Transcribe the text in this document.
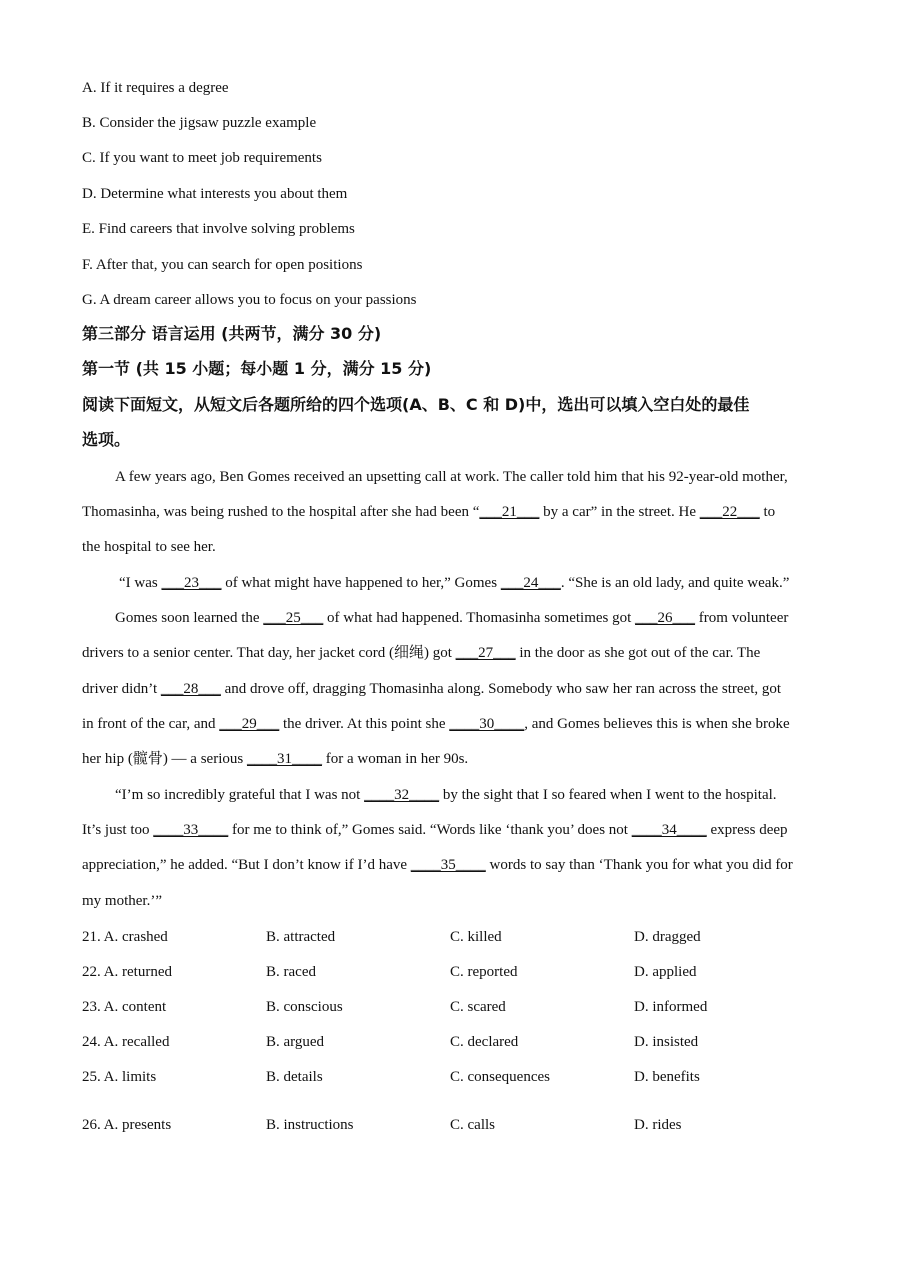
A. If it requires a degree
B. Consider the jigsaw puzzle example
C. If you want to meet job requirements
D. Determine what interests you about them
E. Find careers that involve solving problems
F. After that, you can search for open positions
G. A dream career allows you to focus on your passions
第三部分 语言运用 (共两节，满分 30 分)
第一节 (共 15 小题；每小题 1 分，满分 15 分)
阅读下面短文，从短文后各题所给的四个选项(A、B、C 和 D)中，选出可以填入空白处的最佳
选项。
A few years ago, Ben Gomes received an upsetting call at work. The caller told him that his 92-year-old mother,
Thomasinha, was being rushed to the hospital after she had been “___21___ by a car” in the street. He ___22___ to
the hospital to see her.
“I was ___23___ of what might have happened to her,” Gomes ___24___. “She is an old lady, and quite weak.”
Gomes soon learned the ___25___ of what had happened. Thomasinha sometimes got ___26___ from volunteer
drivers to a senior center. That day, her jacket cord (细绳) got ___27___ in the door as she got out of the car. The
driver didn’t ___28___ and drove off, dragging Thomasinha along. Somebody who saw her ran across the street, got
in front of the car, and ___29___ the driver. At this point she ____30____, and Gomes believes this is when she broke
her hip (髋骨) — a serious ____31____ for a woman in her 90s.
“I’m so incredibly grateful that I was not ____32____ by the sight that I so feared when I went to the hospital.
It’s just too ____33____ for me to think of,” Gomes said. “Words like ‘thank you’ does not ____34____ express deep
appreciation,” he added. “But I don’t know if I’d have ____35____ words to say than ‘Thank you for what you did for
my mother.’”
21. A. crashed	B. attracted	C. killed	D. dragged
22. A. returned	B. raced	C. reported	D. applied
23. A. content	B. conscious	C. scared	D. informed
24. A. recalled	B. argued	C. declared	D. insisted
25. A. limits	B. details	C. consequences	D. benefits
26. A. presents	B. instructions	C. calls	D. rides
